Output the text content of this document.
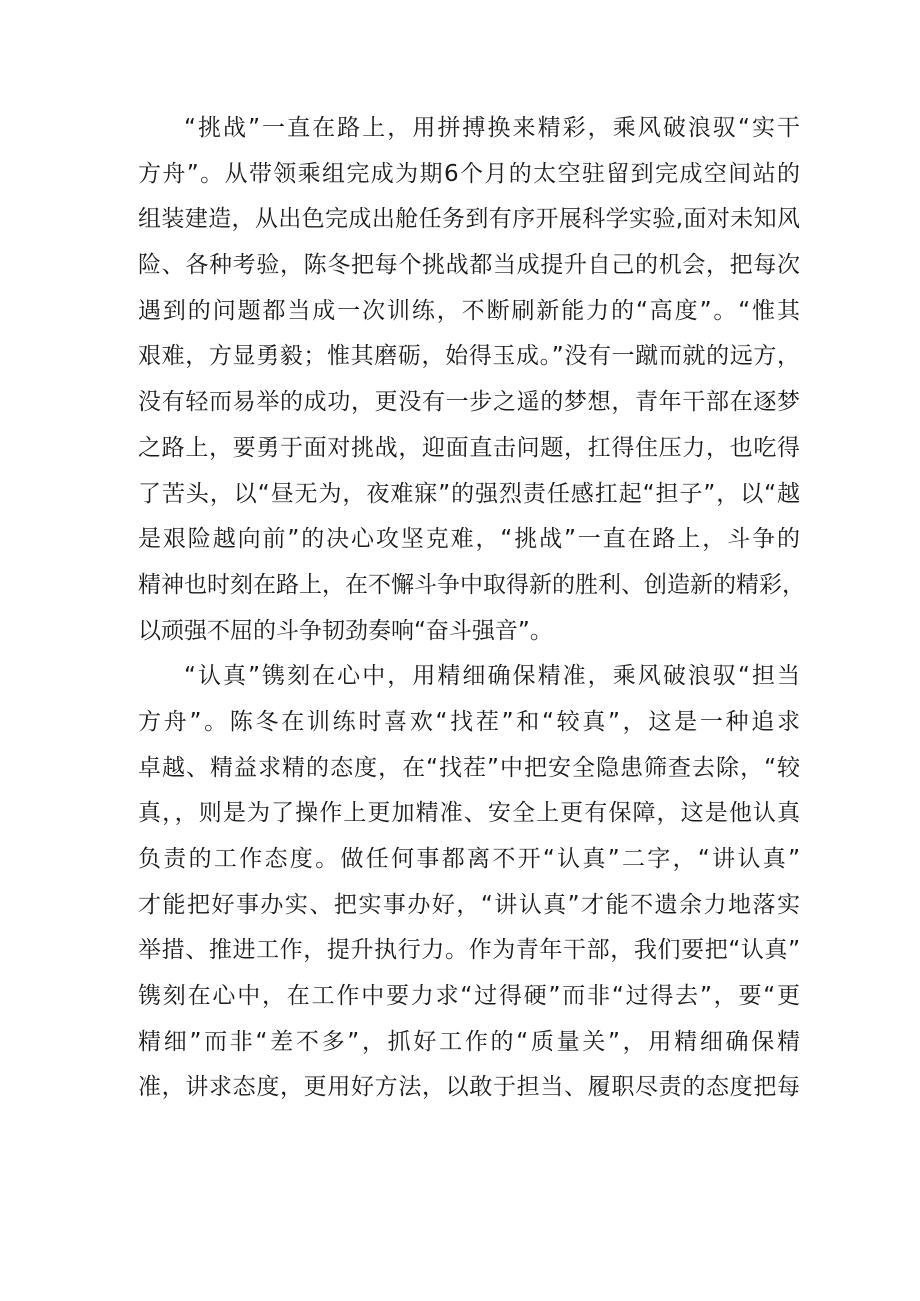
“挑战”一直在路上，用拼搏换来精彩，乘风破浪驭“实干
方舟”。从带领乘组完成为期6个月的太空驻留到完成空间站的
组装建造，从出色完成出舱任务到有序开展科学实验,面对未知风
险、各种考验，陈冬把每个挑战都当成提升自己的机会，把每次
遇到的问题都当成一次训练，不断刷新能力的“高度”。“惟其
艰难，方显勇毅；惟其磨砺，始得玉成。”没有一蹴而就的远方，
没有轻而易举的成功，更没有一步之遥的梦想，青年干部在逐梦
之路上，要勇于面对挑战，迎面直击问题，扛得住压力，也吃得
了苦头，以“昼无为，夜难寐”的强烈责任感扛起“担子”，以“越
是艰险越向前”的决心攻坚克难，“挑战”一直在路上，斗争的
精神也时刻在路上，在不懈斗争中取得新的胜利、创造新的精彩，
以顽强不屈的斗争韧劲奏响“奋斗强音”。
“认真”镌刻在心中，用精细确保精准，乘风破浪驭“担当
方舟”。陈冬在训练时喜欢“找茬”和“较真”，这是一种追求
卓越、精益求精的态度，在“找茬”中把安全隐患筛查去除，“较
真，，则是为了操作上更加精准、安全上更有保障，这是他认真
负责的工作态度。做任何事都离不开“认真”二字，“讲认真”
才能把好事办实、把实事办好，“讲认真”才能不遗余力地落实
举措、推进工作，提升执行力。作为青年干部，我们要把“认真”
镌刻在心中，在工作中要力求“过得硬”而非“过得去”，要“更
精细”而非“差不多”，抓好工作的“质量关”，用精细确保精
准，讲求态度，更用好方法，以敢于担当、履职尽责的态度把每
